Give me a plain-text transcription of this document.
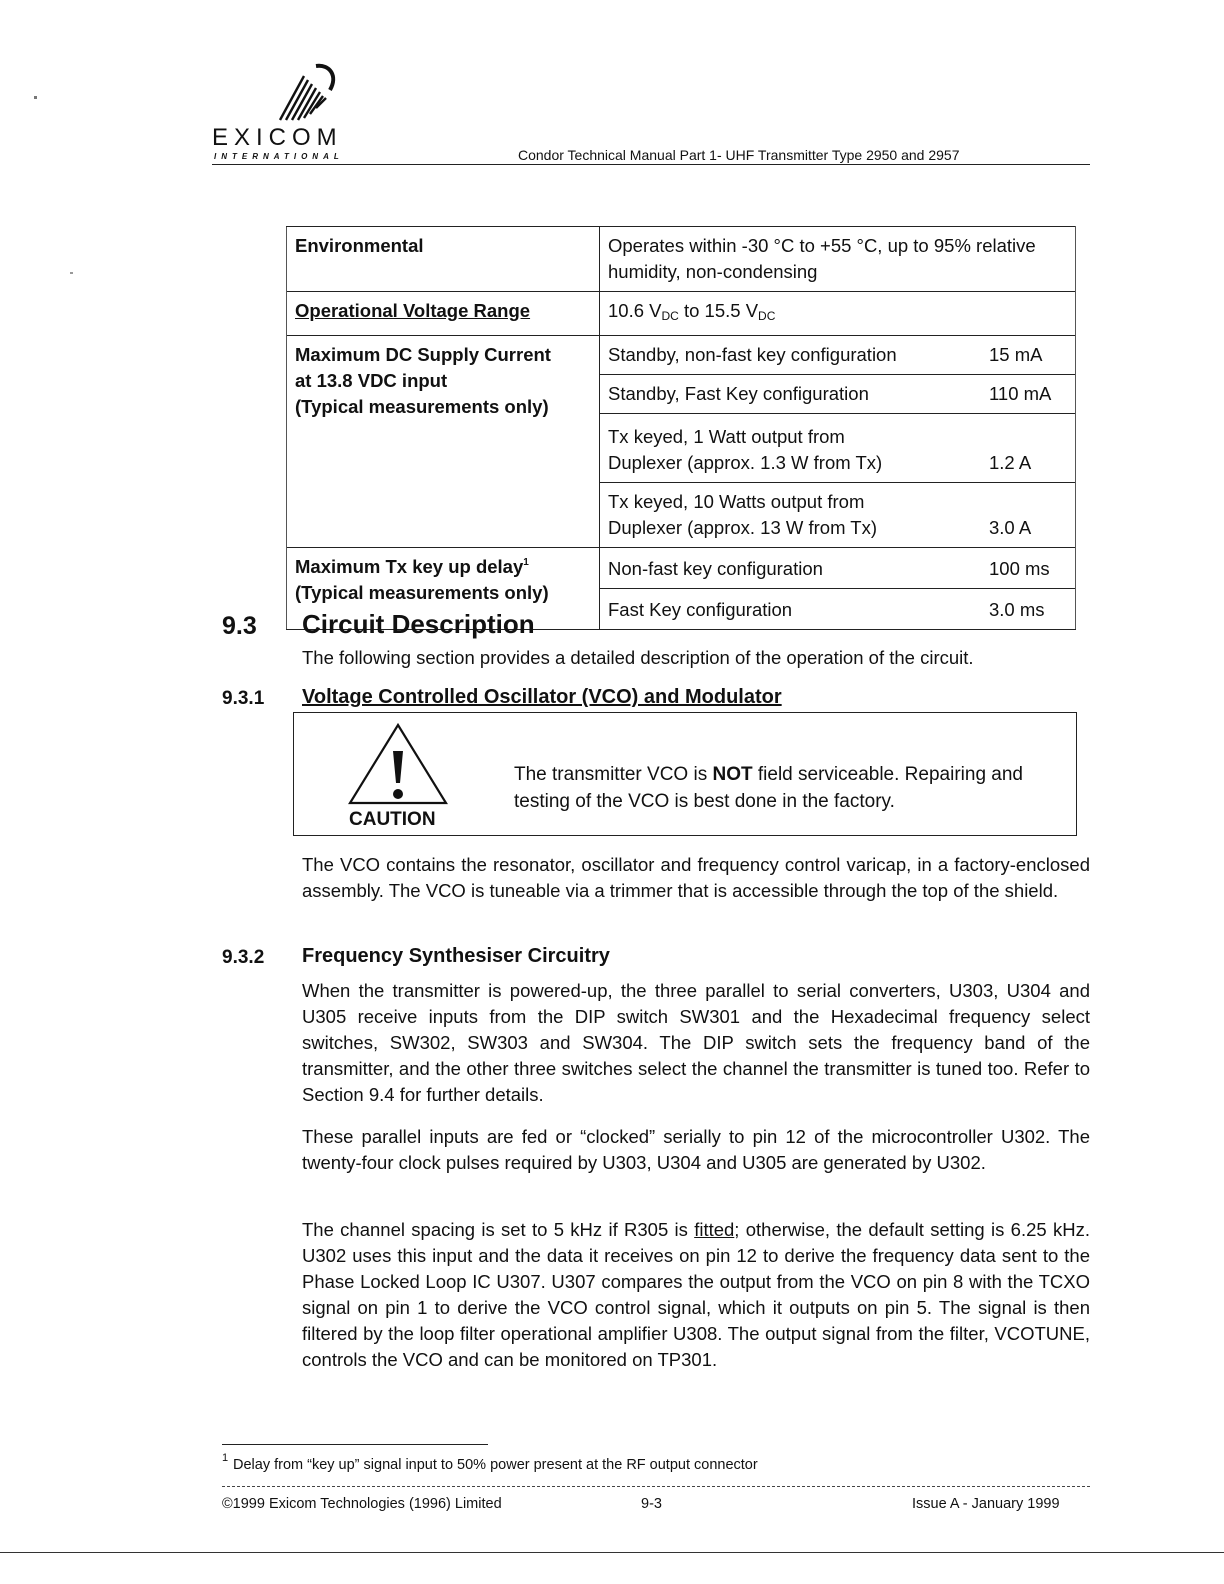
EXICOM
INTERNATIONAL	Condor Technical Manual Part 1- UHF Transmitter Type 2950 and 2957
Environmental	Operates within -30 °C to +55 °C, up to 95% relative humidity, non-condensing	
Operational Voltage Range	10.6 $V_{DC}$ to 15.5 $V_{DC}$

Maximum DC Supply Current
at 13.8 VDC input
(Typical measurements only)	Standby, non-fast key configuration	15 mA
	Standby, Fast Key configuration	110 mA

	Tx keyed, 1 Watt output from
Duplexer (approx. 1.3 W from Tx)	1.2 A

	Tx keyed, 10 Watts output from
Duplexer (approx. 13 W from Tx)	3.0 A

Maximum Tx key up delay$^1$
(Typical measurements only)	Non-fast key configuration	100 ms
	Fast Key configuration	3.0 ms
9.3 Circuit Description
The following section provides a detailed description of the operation of the circuit.
9.3.1 Voltage Controlled Oscillator (VCO) and Modulator
CAUTION
The transmitter VCO is NOT field serviceable. Repairing and testing of the VCO is best done in the factory.
The VCO contains the resonator, oscillator and frequency control varicap, in a factory-enclosed assembly. The VCO is tuneable via a trimmer that is accessible through the top of the shield.
9.3.2 Frequency Synthesiser Circuitry
When the transmitter is powered-up, the three parallel to serial converters, U303, U304 and U305 receive inputs from the DIP switch SW301 and the Hexadecimal frequency select switches, SW302, SW303 and SW304. The DIP switch sets the frequency band of the transmitter, and the other three switches select the channel the transmitter is tuned too. Refer to Section 9.4 for further details.
These parallel inputs are fed or “clocked” serially to pin 12 of the microcontroller U302. The twenty-four clock pulses required by U303, U304 and U305 are generated by U302.
The channel spacing is set to 5 kHz if R305 is fitted; otherwise, the default setting is 6.25 kHz. U302 uses this input and the data it receives on pin 12 to derive the frequency data sent to the Phase Locked Loop IC U307. U307 compares the output from the VCO on pin 8 with the TCXO signal on pin 1 to derive the VCO control signal, which it outputs on pin 5. The signal is then filtered by the loop filter operational amplifier U308. The output signal from the filter, VCOTUNE, controls the VCO and can be monitored on TP301.
1 Delay from “key up” signal input to 50% power present at the RF output connector
©1999 Exicom Technologies (1996) Limited	9-3	Issue A - January 1999
